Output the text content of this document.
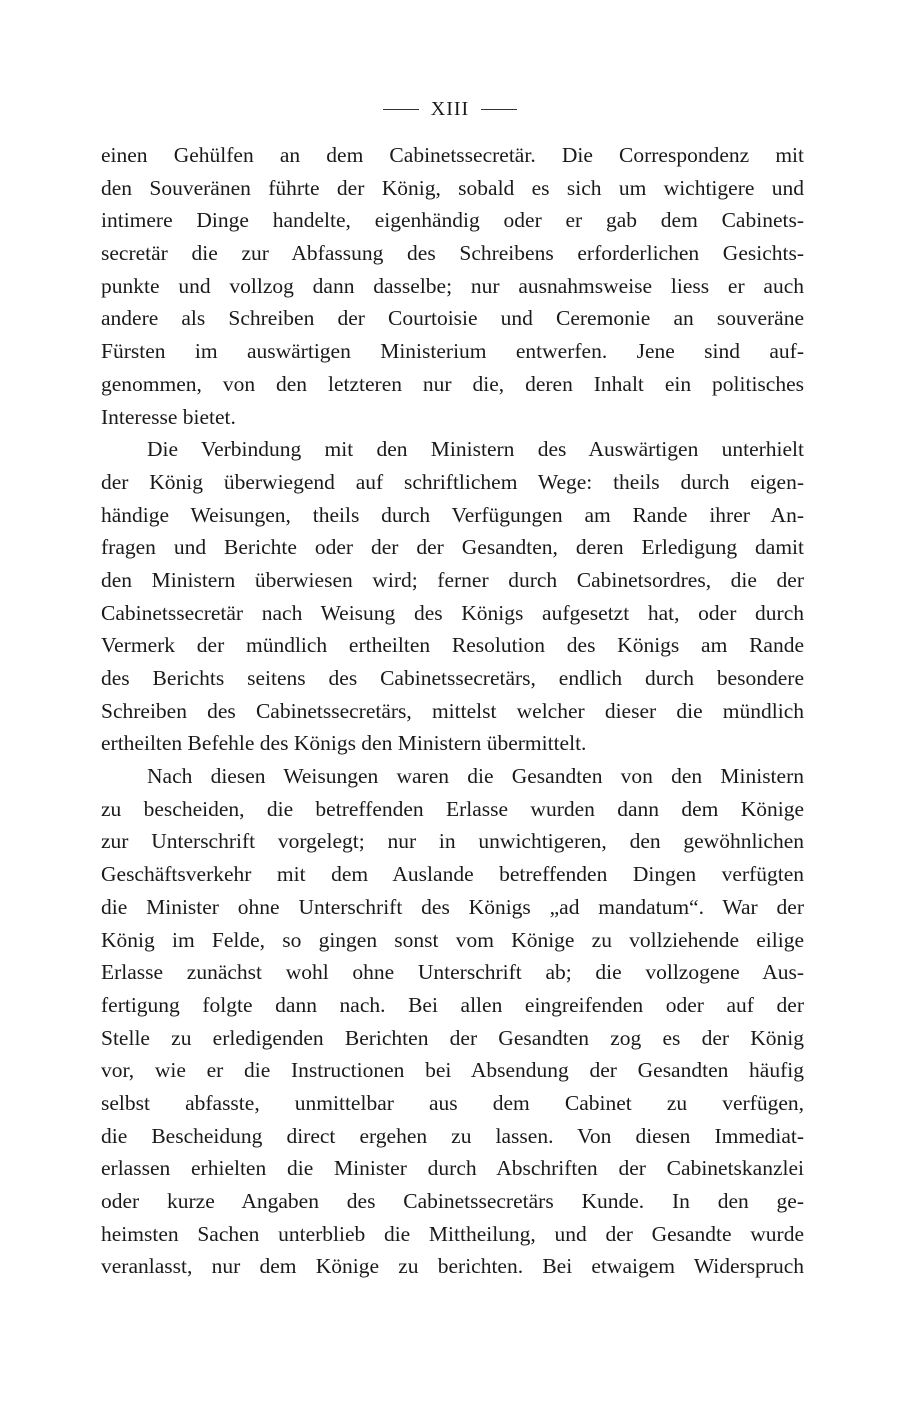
XIII
einen Gehülfen an dem Cabinetssecretär. Die Correspondenz mit
den Souveränen führte der König, sobald es sich um wichtigere und
intimere Dinge handelte, eigenhändig oder er gab dem Cabinets-
secretär die zur Abfassung des Schreibens erforderlichen Gesichts-
punkte und vollzog dann dasselbe; nur ausnahmsweise liess er auch
andere als Schreiben der Courtoisie und Ceremonie an souveräne
Fürsten im auswärtigen Ministerium entwerfen. Jene sind auf-
genommen, von den letzteren nur die, deren Inhalt ein politisches
Interesse bietet.
Die Verbindung mit den Ministern des Auswärtigen unterhielt
der König überwiegend auf schriftlichem Wege: theils durch eigen-
händige Weisungen, theils durch Verfügungen am Rande ihrer An-
fragen und Berichte oder der der Gesandten, deren Erledigung damit
den Ministern überwiesen wird; ferner durch Cabinetsordres, die der
Cabinetssecretär nach Weisung des Königs aufgesetzt hat, oder durch
Vermerk der mündlich ertheilten Resolution des Königs am Rande
des Berichts seitens des Cabinetssecretärs, endlich durch besondere
Schreiben des Cabinetssecretärs, mittelst welcher dieser die mündlich
ertheilten Befehle des Königs den Ministern übermittelt.
Nach diesen Weisungen waren die Gesandten von den Ministern
zu bescheiden, die betreffenden Erlasse wurden dann dem Könige
zur Unterschrift vorgelegt; nur in unwichtigeren, den gewöhnlichen
Geschäftsverkehr mit dem Auslande betreffenden Dingen verfügten
die Minister ohne Unterschrift des Königs „ad mandatum“. War der
König im Felde, so gingen sonst vom Könige zu vollziehende eilige
Erlasse zunächst wohl ohne Unterschrift ab; die vollzogene Aus-
fertigung folgte dann nach. Bei allen eingreifenden oder auf der
Stelle zu erledigenden Berichten der Gesandten zog es der König
vor, wie er die Instructionen bei Absendung der Gesandten häufig
selbst abfasste, unmittelbar aus dem Cabinet zu verfügen,
die Bescheidung direct ergehen zu lassen. Von diesen Immediat-
erlassen erhielten die Minister durch Abschriften der Cabinetskanzlei
oder kurze Angaben des Cabinetssecretärs Kunde. In den ge-
heimsten Sachen unterblieb die Mittheilung, und der Gesandte wurde
veranlasst, nur dem Könige zu berichten. Bei etwaigem Widerspruch
